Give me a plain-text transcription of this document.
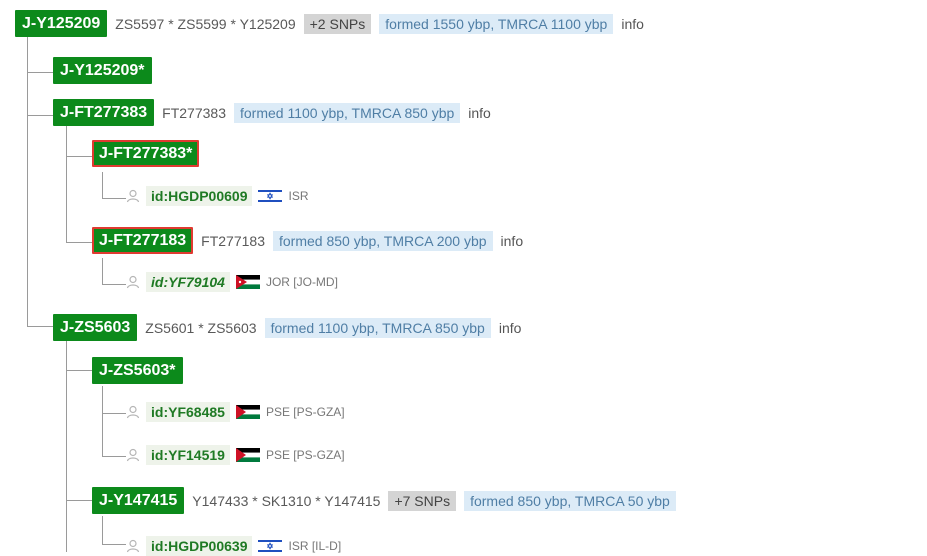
J-Y125209	ZS5597 * ZS5599 * Y125209	+2 SNPs	formed 1550 ybp, TMRCA 1100 ybp	info
J-Y125209*
J-FT277383	FT277383	formed 1100 ybp, TMRCA 850 ybp	info
J-FT277383*
id:HGDP00609	ISR
J-FT277183	FT277183	formed 850 ybp, TMRCA 200 ybp	info
id:YF79104	JOR [JO-MD]
J-ZS5603	ZS5601 * ZS5603	formed 1100 ybp, TMRCA 850 ybp	info
J-ZS5603*
id:YF68485	PSE [PS-GZA]
id:YF14519	PSE [PS-GZA]
J-Y147415	Y147433 * SK1310 * Y147415	+7 SNPs	formed 850 ybp, TMRCA 50 ybp
id:HGDP00639	ISR [IL-D]
